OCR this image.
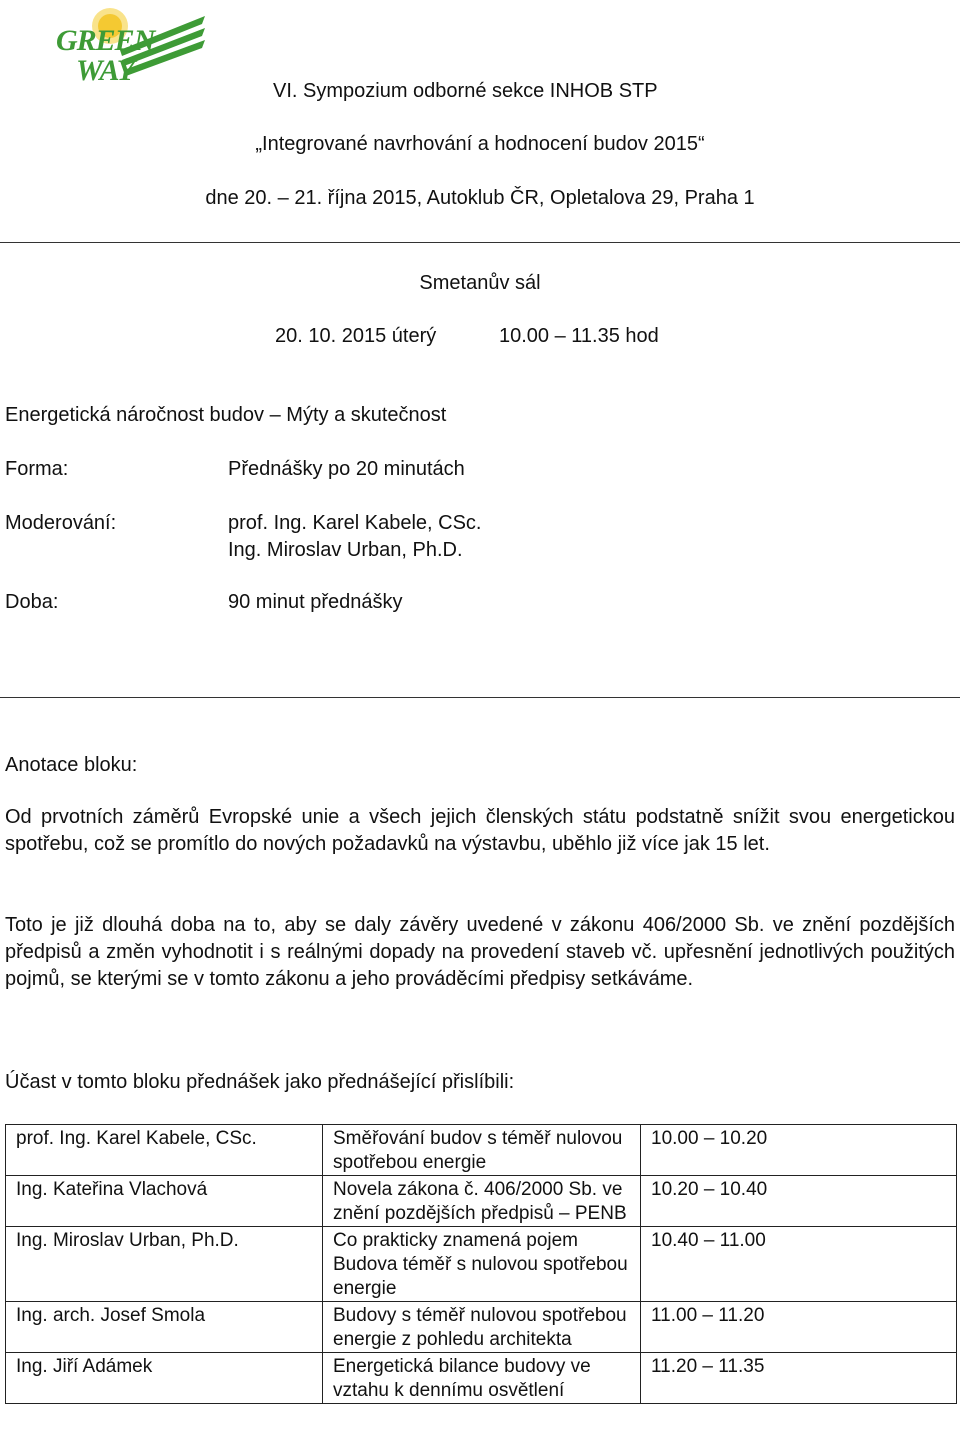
GREEN
WAY
VI. Sympozium odborné sekce INHOB STP
„Integrované navrhování a hodnocení budov 2015“
dne 20. – 21. října 2015, Autoklub ČR, Opletalova 29, Praha 1
Smetanův sál
20. 10. 2015 úterý	10.00 – 11.35 hod
Energetická náročnost budov – Mýty a skutečnost
Forma:	Přednášky po 20 minutách
Moderování:	prof. Ing. Karel Kabele, CSc.
Ing. Miroslav Urban, Ph.D.
Doba:	90 minut přednášky
Anotace bloku:
Od prvotních záměrů Evropské unie a všech jejich členských státu podstatně snížit svou energetickou spotřebu, což se promítlo do nových požadavků na výstavbu, uběhlo již více jak 15 let.
Toto je již dlouhá doba na to, aby se daly závěry uvedené v zákonu 406/2000 Sb. ve znění pozdějších předpisů a změn vyhodnotit i s reálnými dopady na provedení staveb vč. upřesnění jednotlivých použitých pojmů, se kterými se v tomto zákonu a jeho prováděcími předpisy setkáváme.
Účast v tomto bloku přednášek jako přednášející přislíbili:
prof. Ing. Karel Kabele, CSc.	Směřování budov s téměř nulovou spotřebou energie	10.00 – 10.20
Ing. Kateřina Vlachová	Novela zákona č. 406/2000 Sb. ve znění pozdějších předpisů – PENB	10.20 – 10.40
Ing. Miroslav Urban, Ph.D.	Co prakticky znamená pojem Budova téměř s nulovou spotřebou energie	10.40 – 11.00
Ing. arch. Josef Smola	Budovy s téměř nulovou spotřebou energie z pohledu architekta	11.00 – 11.20
Ing. Jiří Adámek	Energetická bilance budovy ve vztahu k dennímu osvětlení	11.20 – 11.35
